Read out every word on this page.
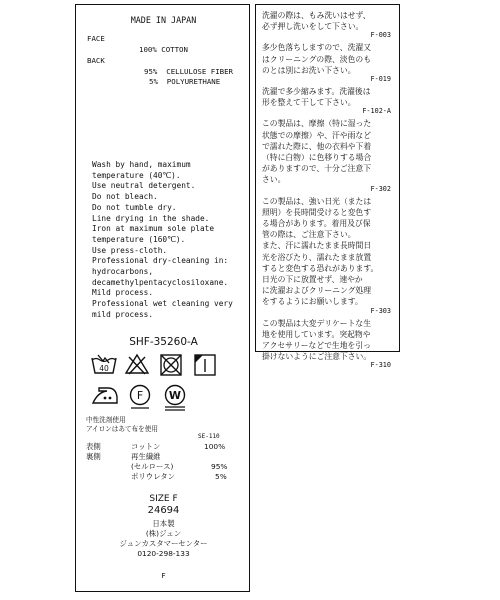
MADE IN JAPAN
FACE
100% COTTON
BACK
95%  CELLULOSE FIBER
5%  POLYURETHANE
Wash by hand, maximum
temperature (40℃).
Use neutral detergent.
Do not bleach.
Do not tumble dry.
Line drying in the shade.
Iron at maximum sole plate
temperature (160℃).
Use press-cloth.
Professional dry-cleaning in:
hydrocarbons,
decamethylpentacyclosiloxane.
Mild process.
Professional wet cleaning very
mild process.
SHF-35260-A
40
F W
中性洗剤使用
アイロンはあて布を使用
SE-110
表側	コットン	100%
裏側	再生繊維
(セルロース)	95%
ポリウレタン	5%
SIZE F
24694
日本製
(株)ジュン
ジュンカスタマーセンター
0120-298-133
F
洗濯の際は、もみ洗いはせず、
必ず押し洗いをして下さい。
F-003
多少色落ちしますので、洗濯又
はクリーニングの際、淡色のも
のとは別にお洗い下さい。
F-019
洗濯で多少縮みます。洗濯後は
形を整えて干して下さい。
F-102-A
この製品は、摩擦（特に湿った
状態での摩擦）や、汗や雨など
で濡れた際に、他の衣料や下着
（特に白物）に色移りする場合
がありますので、十分ご注意下
さい。
F-302
この製品は、強い日光（または
照明）を長時間受けると変色す
る場合があります。着用及び保
管の際は、ご注意下さい。
また、汗に濡れたまま長時間日
光を浴びたり、濡れたまま放置
すると変色する恐れがあります。
日光の下に放置せず、速やか
に洗濯およびクリーニング処理
をするようにお願いします。
F-303
この製品は大変デリケートな生
地を使用しています。突起物や
アクセサリーなどで生地を引っ
掛けないようにご注意下さい。
F-310
